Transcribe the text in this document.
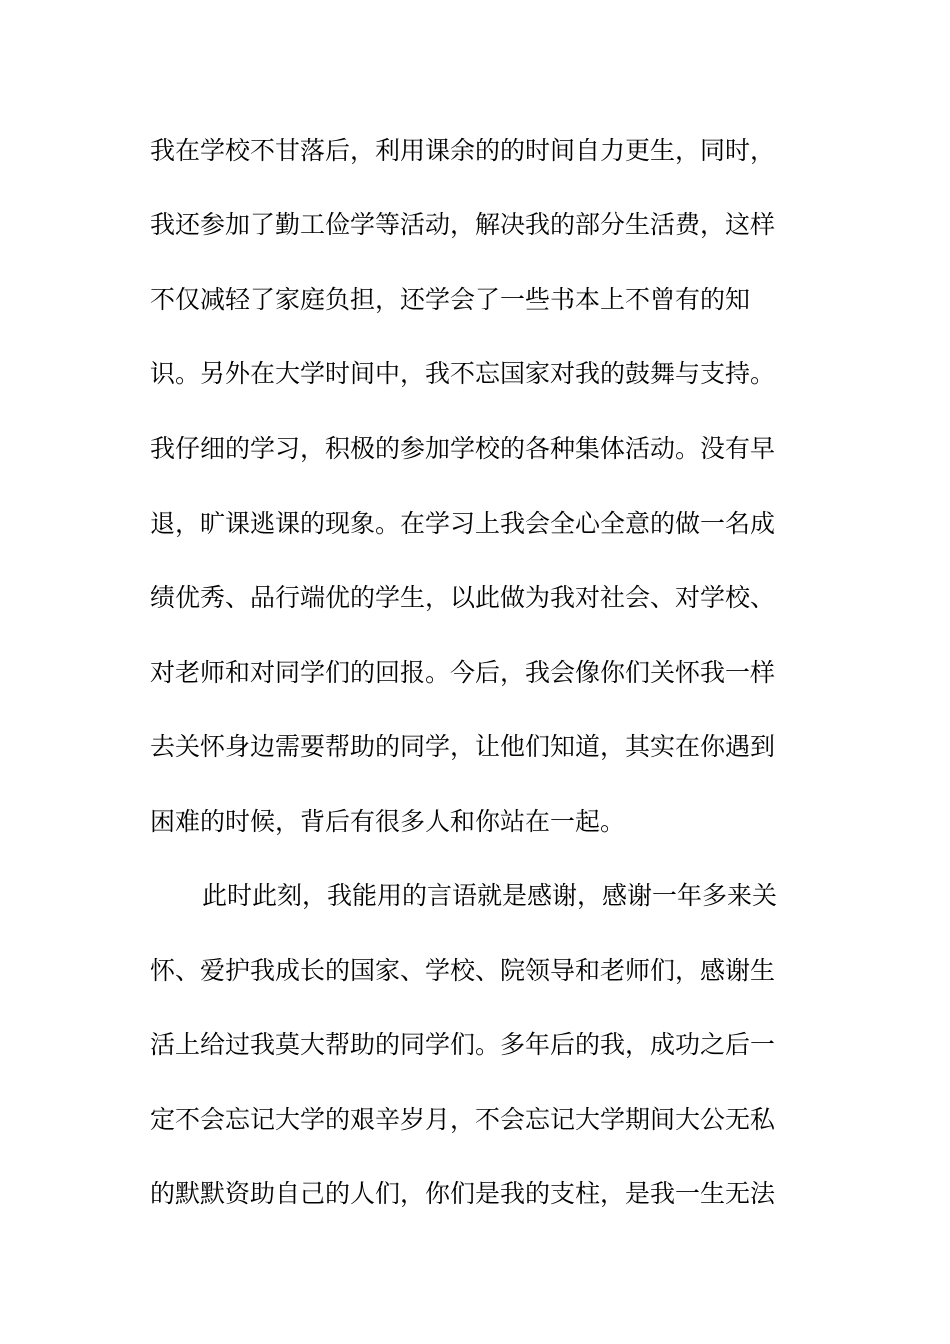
我在学校不甘落后，利用课余的的时间自力更生，同时，
我还参加了勤工俭学等活动，解决我的部分生活费，这样
不仅减轻了家庭负担，还学会了一些书本上不曾有的知
识。另外在大学时间中，我不忘国家对我的鼓舞与支持。
我仔细的学习，积极的参加学校的各种集体活动。没有早
退，旷课逃课的现象。在学习上我会全心全意的做一名成
绩优秀、品行端优的学生，以此做为我对社会、对学校、
对老师和对同学们的回报。今后，我会像你们关怀我一样
去关怀身边需要帮助的同学，让他们知道，其实在你遇到
困难的时候，背后有很多人和你站在一起。
此时此刻，我能用的言语就是感谢，感谢一年多来关
怀、爱护我成长的国家、学校、院领导和老师们，感谢生
活上给过我莫大帮助的同学们。多年后的我，成功之后一
定不会忘记大学的艰辛岁月，不会忘记大学期间大公无私
的默默资助自己的人们，你们是我的支柱，是我一生无法
